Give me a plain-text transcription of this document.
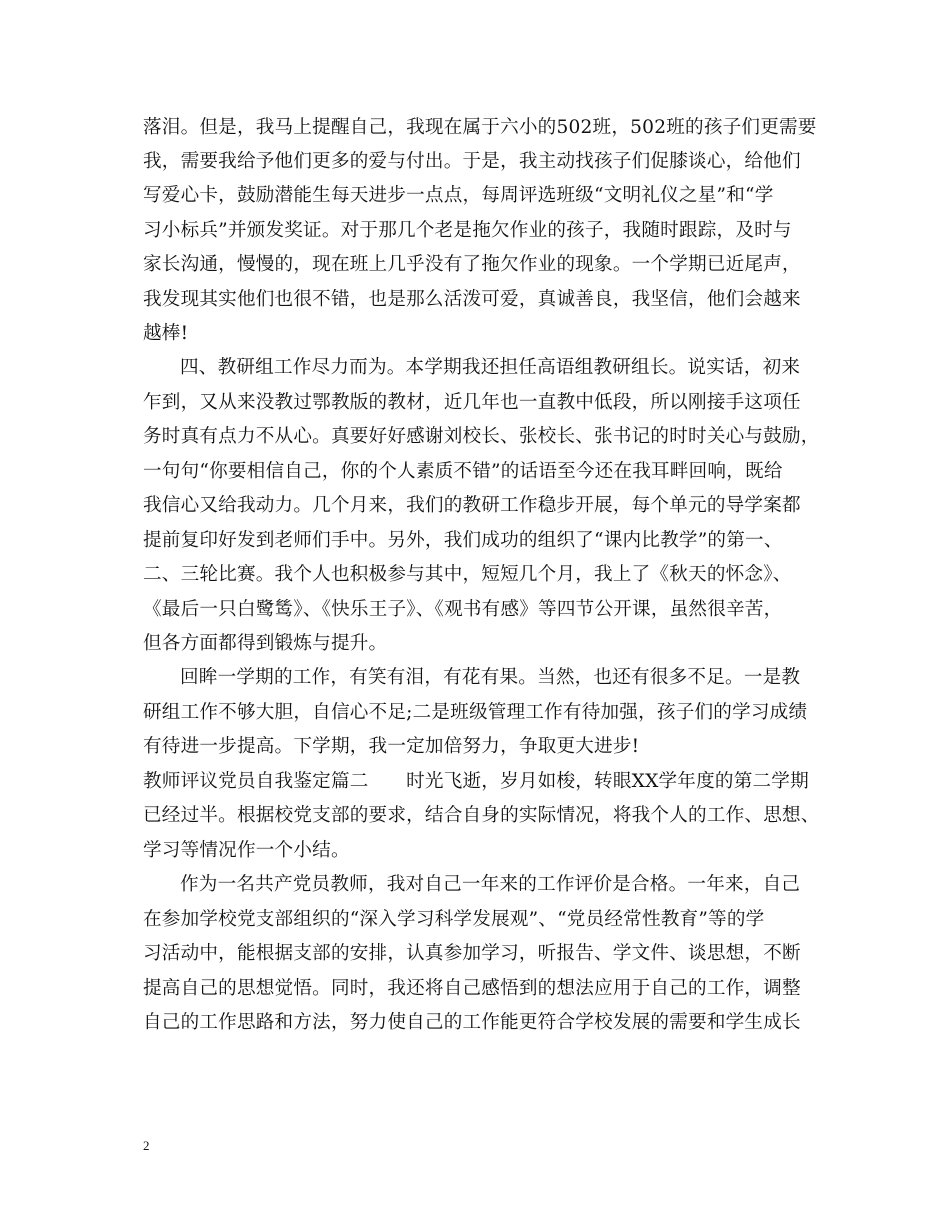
落泪。但是，我马上提醒自己，我现在属于六小的502班，502班的孩子们更需要
我，需要我给予他们更多的爱与付出。于是，我主动找孩子们促膝谈心，给他们
写爱心卡，鼓励潜能生每天进步一点点，每周评选班级“文明礼仪之星”和“学
习小标兵”并颁发奖证。对于那几个老是拖欠作业的孩子，我随时跟踪，及时与
家长沟通，慢慢的，现在班上几乎没有了拖欠作业的现象。一个学期已近尾声，
我发现其实他们也很不错，也是那么活泼可爱，真诚善良，我坚信，他们会越来
越棒!
四、教研组工作尽力而为。本学期我还担任高语组教研组长。说实话，初来
乍到，又从来没教过鄂教版的教材，近几年也一直教中低段，所以刚接手这项任
务时真有点力不从心。真要好好感谢刘校长、张校长、张书记的时时关心与鼓励，
一句句“你要相信自己，你的个人素质不错”的话语至今还在我耳畔回响，既给
我信心又给我动力。几个月来，我们的教研工作稳步开展，每个单元的导学案都
提前复印好发到老师们手中。另外，我们成功的组织了“课内比教学”的第一、
二、三轮比赛。我个人也积极参与其中，短短几个月，我上了《秋天的怀念》、
《最后一只白鹭鸶》、《快乐王子》、《观书有感》等四节公开课，虽然很辛苦，
但各方面都得到锻炼与提升。
回眸一学期的工作，有笑有泪，有花有果。当然，也还有很多不足。一是教
研组工作不够大胆，自信心不足;二是班级管理工作有待加强，孩子们的学习成绩
有待进一步提高。下学期，我一定加倍努力，争取更大进步!
教师评议党员自我鉴定篇二　　时光飞逝，岁月如梭，转眼XX学年度的第二学期
已经过半。根据校党支部的要求，结合自身的实际情况，将我个人的工作、思想、
学习等情况作一个小结。
作为一名共产党员教师，我对自己一年来的工作评价是合格。一年来，自己
在参加学校党支部组织的“深入学习科学发展观”、“党员经常性教育”等的学
习活动中，能根据支部的安排，认真参加学习，听报告、学文件、谈思想，不断
提高自己的思想觉悟。同时，我还将自己感悟到的想法应用于自己的工作，调整
自己的工作思路和方法，努力使自己的工作能更符合学校发展的需要和学生成长
2
